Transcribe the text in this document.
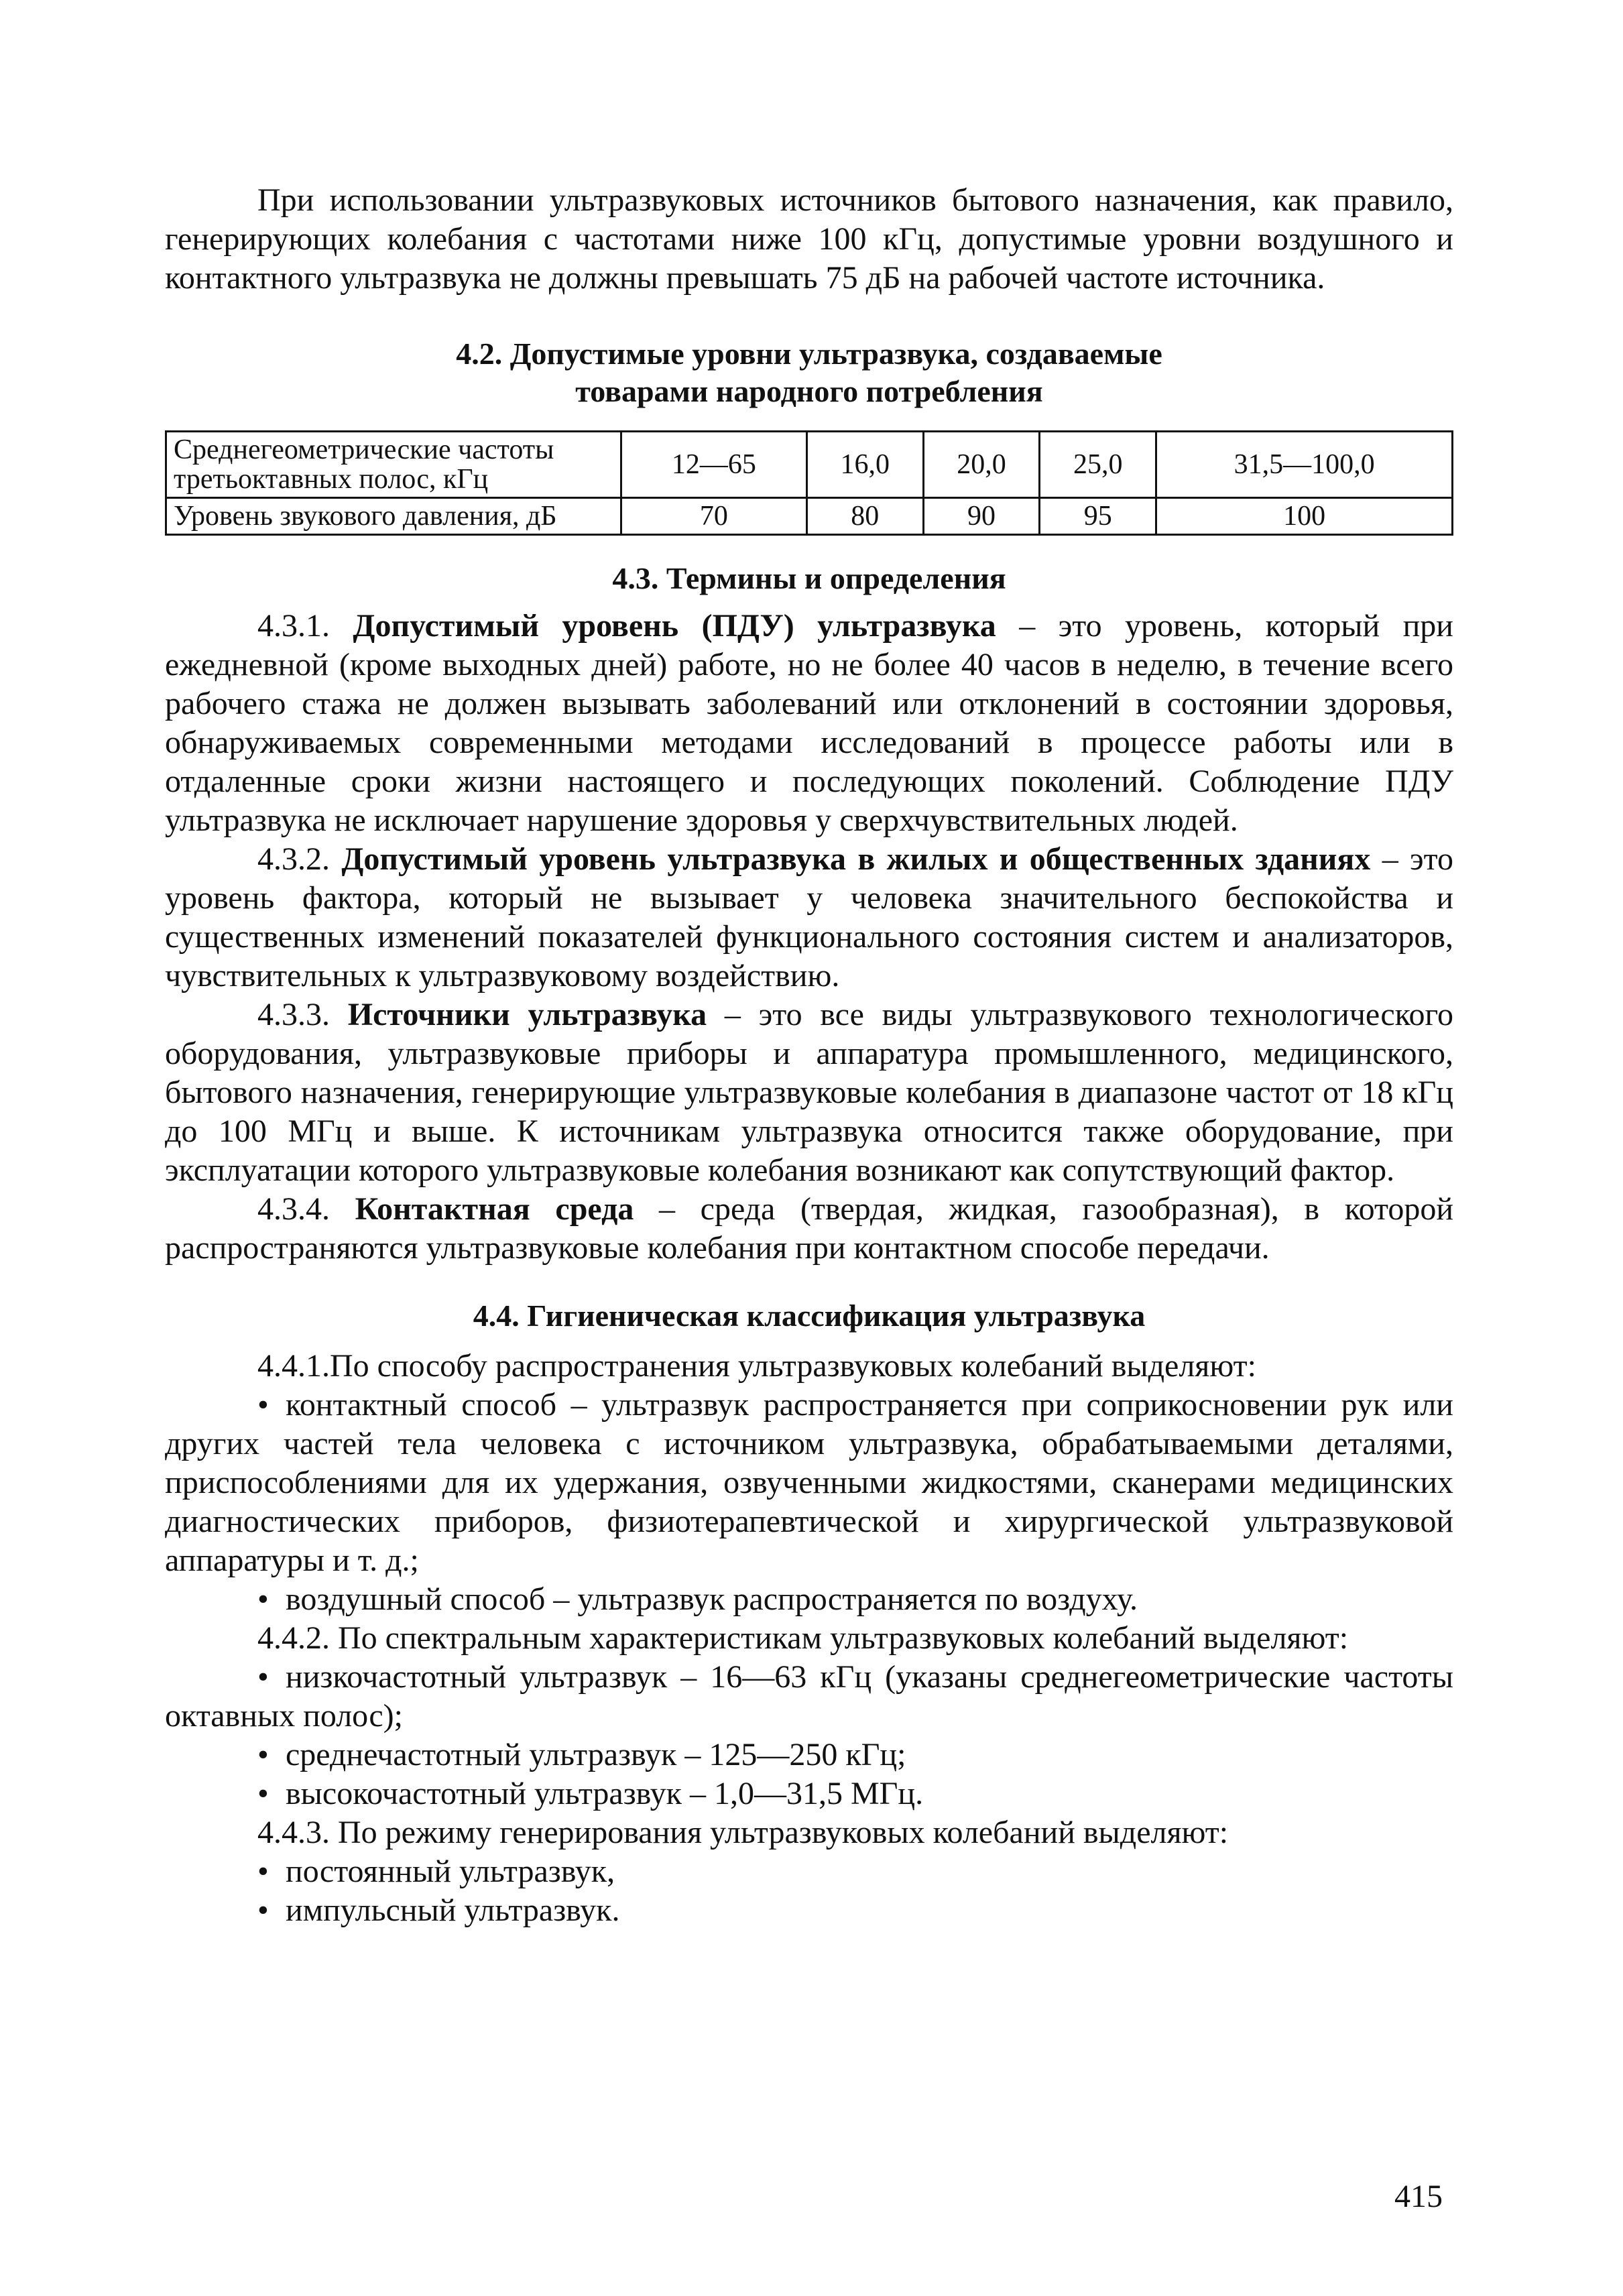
При использовании ультразвуковых источников бытового назначения, как правило, генерирующих колебания с частотами ниже 100 кГц, допустимые уровни воздушного и контактного ультразвука не должны превышать 75 дБ на рабочей частоте источника.

4.2. Допустимые уровни ультразвука, создаваемые
товарами народного потребления
Среднегеометрические частоты третьоктавных полос, кГц	12—65	16,0	20,0	25,0	31,5—100,0
Уровень звукового давления, дБ	70	80	90	95	100
4.3. Термины и определения

4.3.1. Допустимый уровень (ПДУ) ультразвука – это уровень, который при ежедневной (кроме выходных дней) работе, но не более 40 часов в неделю, в течение всего рабочего стажа не должен вызывать заболеваний или отклонений в состоянии здоровья, обнаруживаемых современными методами исследований в процессе работы или в отдаленные сроки жизни настоящего и последующих поколений. Соблюдение ПДУ ультразвука не исключает нарушение здоровья у сверхчувствительных людей.

4.3.2. Допустимый уровень ультразвука в жилых и общественных зданиях – это уровень фактора, который не вызывает у человека значительного беспокойства и существенных изменений показателей функционального состояния систем и анализаторов, чувствительных к ультразвуковому воздействию.

4.3.3. Источники ультразвука – это все виды ультразвукового технологического оборудования, ультразвуковые приборы и аппаратура промышленного, медицинского, бытового назначения, генерирующие ультразвуковые колебания в диапазоне частот от 18 кГц до 100 МГц и выше. К источникам ультразвука относится также оборудование, при эксплуатации которого ультразвуковые колебания возникают как сопутствующий фактор.

4.3.4. Контактная среда – среда (твердая, жидкая, газообразная), в которой распространяются ультразвуковые колебания при контактном способе передачи.

4.4. Гигиеническая классификация ультразвука

4.4.1.По способу распространения ультразвуковых колебаний выделяют:

• контактный способ – ультразвук распространяется при соприкосновении рук или других частей тела человека с источником ультразвука, обрабатываемыми деталями, приспособлениями для их удержания, озвученными жидкостями, сканерами медицинских диагностических приборов, физиотерапевтической и хирургической ультразвуковой аппаратуры и т. д.;

• воздушный способ – ультразвук распространяется по воздуху.

4.4.2. По спектральным характеристикам ультразвуковых колебаний выделяют:

• низкочастотный ультразвук – 16—63 кГц (указаны среднегеометрические частоты октавных полос);

• среднечастотный ультразвук – 125—250 кГц;

• высокочастотный ультразвук – 1,0—31,5 МГц.

4.4.3. По режиму генерирования ультразвуковых колебаний выделяют:

• постоянный ультразвук,

• импульсный ультразвук.

415
